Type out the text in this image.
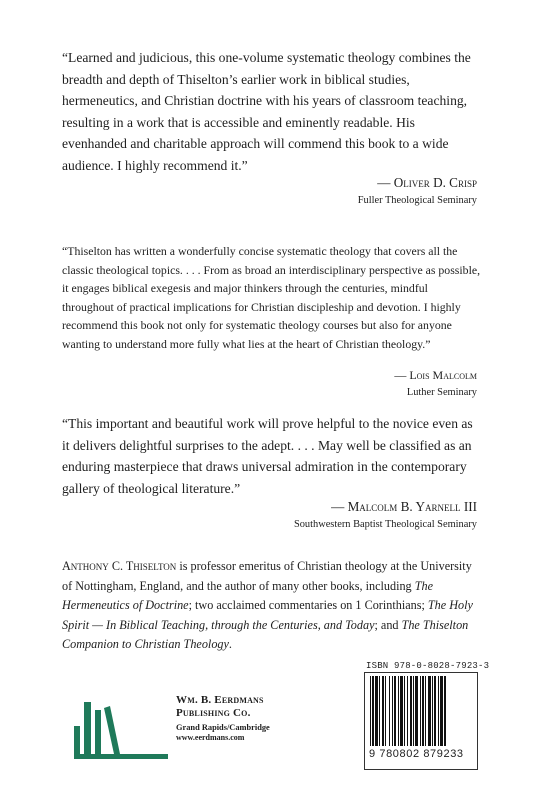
“Learned and judicious, this one-volume systematic theology combines the breadth and depth of Thiselton’s earlier work in biblical studies, hermeneutics, and Christian doctrine with his years of classroom teaching, resulting in a work that is accessible and eminently readable. His evenhanded and charitable approach will commend this book to a wide audience. I highly recommend it.”

— Oliver D. Crisp
Fuller Theological Seminary

“Thiselton has written a wonderfully concise systematic theology that covers all the classic theological topics. . . . From as broad an interdisciplinary perspective as possible, it engages biblical exegesis and major thinkers through the centuries, mindful throughout of practical implications for Christian discipleship and devotion. I highly recommend this book not only for systematic theology courses but also for anyone wanting to understand more fully what lies at the heart of Christian theology.”

— Lois Malcolm
Luther Seminary

“This important and beautiful work will prove helpful to the novice even as it delivers delightful surprises to the adept. . . . May well be classified as an enduring masterpiece that draws universal admiration in the contemporary gallery of theological literature.”

— Malcolm B. Yarnell III
Southwestern Baptist Theological Seminary

Anthony C. Thiselton is professor emeritus of Christian theology at the University of Nottingham, England, and the author of many other books, including The Hermeneutics of Doctrine; two acclaimed commentaries on 1 Corinthians; The Holy Spirit — In Biblical Teaching, through the Centuries, and Today; and The Thiselton Companion to Christian Theology.

Wm. B. Eerdmans
Publishing Co.
Grand Rapids/Cambridge
www.eerdmans.com
ISBN 978-0-8028-7923-3
9 780802 879233
